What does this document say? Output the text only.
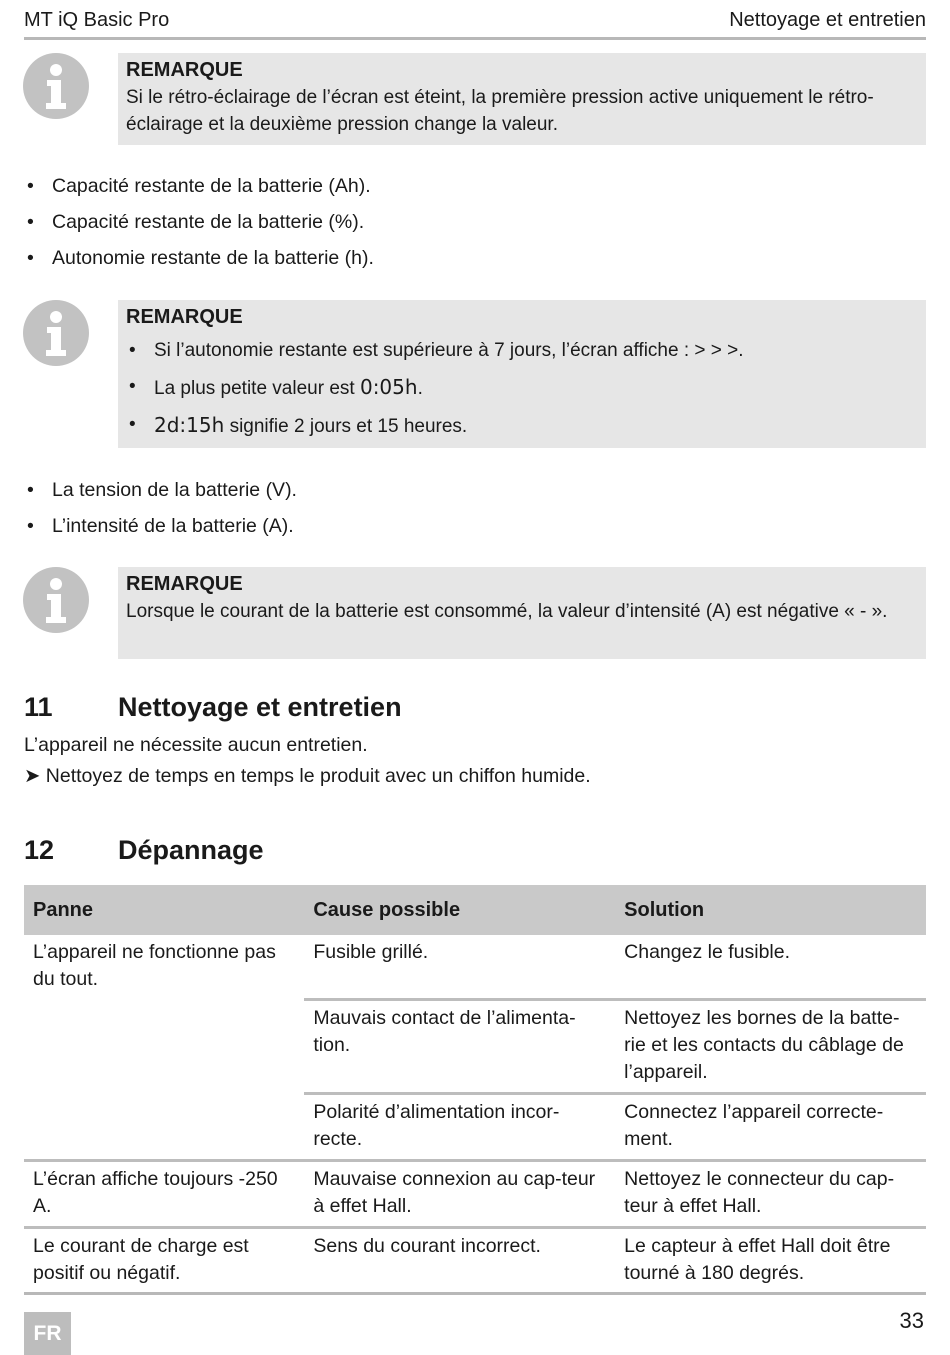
MT iQ Basic Pro	Nettoyage et entretien
REMARQUE
Si le rétro-éclairage de l’écran est éteint, la première pression active uniquement le rétro-éclairage et la deuxième pression change la valeur.
• Capacité restante de la batterie (Ah).
• Capacité restante de la batterie (%).
• Autonomie restante de la batterie (h).
REMARQUE
• Si l’autonomie restante est supérieure à 7 jours, l’écran affiche : > > >.
• La plus petite valeur est 0:05h.
• 2d:15h signifie 2 jours et 15 heures.
• La tension de la batterie (V).
• L’intensité de la batterie (A).
REMARQUE
Lorsque le courant de la batterie est consommé, la valeur d’intensité (A) est négative « - ».
11 Nettoyage et entretien
L’appareil ne nécessite aucun entretien.
➤ Nettoyez de temps en temps le produit avec un chiffon humide.
12 Dépannage
Panne	Cause possible	Solution
L’appareil ne fonctionne pas du tout.	Fusible grillé.	Changez le fusible.
	Mauvais contact de l’alimenta-tion.	Nettoyez les bornes de la batte-rie et les contacts du câblage de l’appareil.
	Polarité d’alimentation incor-recte.	Connectez l’appareil correcte-ment.
L’écran affiche toujours -250 A.	Mauvaise connexion au cap-teur à effet Hall.	Nettoyez le connecteur du cap-teur à effet Hall.
Le courant de charge est positif ou négatif.	Sens du courant incorrect.	Le capteur à effet Hall doit être tourné à 180 degrés.
FR
33
